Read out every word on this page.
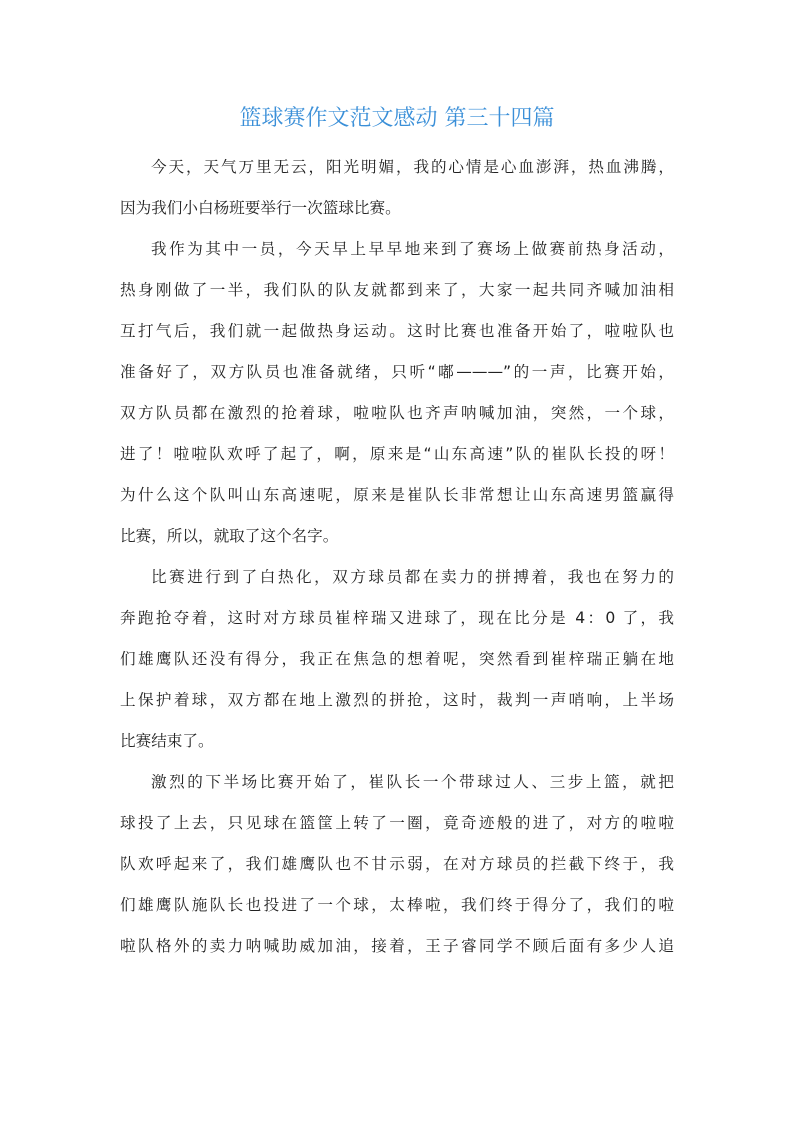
篮球赛作文范文感动 第三十四篇
今天，天气万里无云，阳光明媚，我的心情是心血澎湃，热血沸腾，
因为我们小白杨班要举行一次篮球比赛。
我作为其中一员，今天早上早早地来到了赛场上做赛前热身活动，
热身刚做了一半，我们队的队友就都到来了，大家一起共同齐喊加油相
互打气后，我们就一起做热身运动。这时比赛也准备开始了，啦啦队也
准备好了，双方队员也准备就绪，只听“嘟———”的一声，比赛开始，
双方队员都在激烈的抢着球，啦啦队也齐声呐喊加油，突然，一个球，
进了！啦啦队欢呼了起了，啊，原来是“山东高速”队的崔队长投的呀！
为什么这个队叫山东高速呢，原来是崔队长非常想让山东高速男篮赢得
比赛，所以，就取了这个名字。
比赛进行到了白热化，双方球员都在卖力的拼搏着，我也在努力的
奔跑抢夺着，这时对方球员崔梓瑞又进球了，现在比分是 4：0 了，我
们雄鹰队还没有得分，我正在焦急的想着呢，突然看到崔梓瑞正躺在地
上保护着球，双方都在地上激烈的拼抢，这时，裁判一声哨响，上半场
比赛结束了。
激烈的下半场比赛开始了，崔队长一个带球过人、三步上篮，就把
球投了上去，只见球在篮筐上转了一圈，竟奇迹般的进了，对方的啦啦
队欢呼起来了，我们雄鹰队也不甘示弱，在对方球员的拦截下终于，我
们雄鹰队施队长也投进了一个球，太棒啦，我们终于得分了，我们的啦
啦队格外的卖力呐喊助威加油，接着，王子睿同学不顾后面有多少人追
